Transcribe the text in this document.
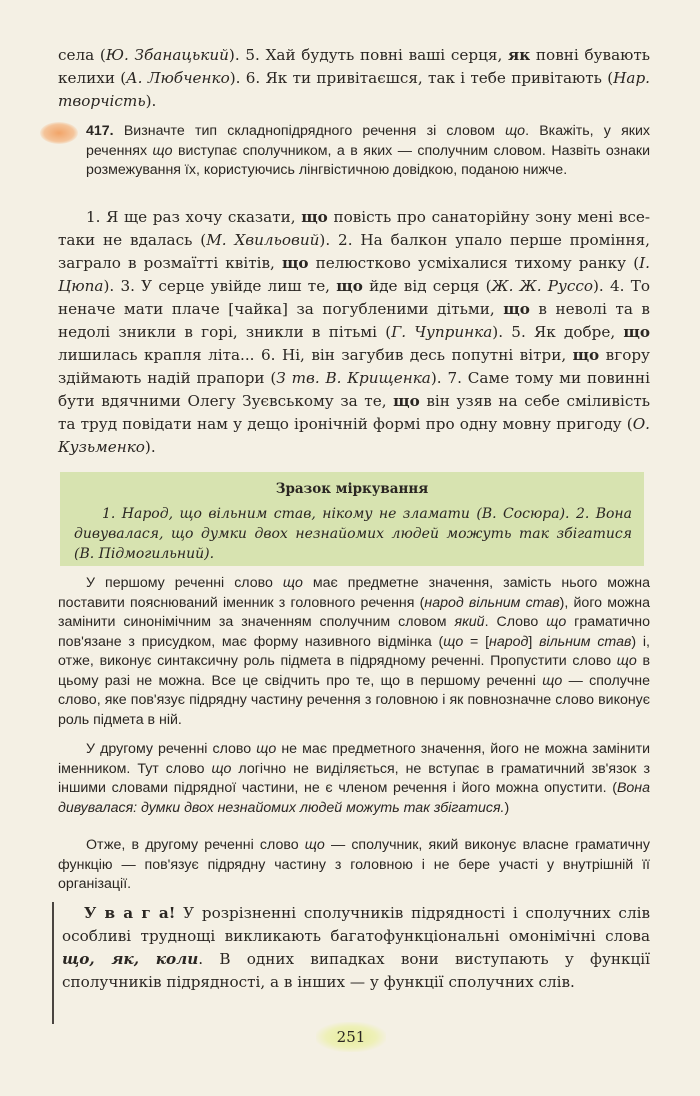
села (Ю. Збанацький). 5. Хай будуть повні ваші серця, як повні бувають келихи (А. Любченко). 6. Як ти привітаєшся, так і тебе привітають (Нар. творчість).

417. Визначте тип складнопідрядного речення зі словом що. Вкажіть, у яких реченнях що виступає сполучником, а в яких — сполучним словом. Назвіть ознаки розмежування їх, користуючись лінгвістичною довідкою, поданою нижче.

1. Я ще раз хочу сказати, що повість про санаторійну зону мені все-таки не вдалась (М. Хвильовий). 2. На балкон упало перше проміння, заграло в розмаїтті квітів, що пелюстково усміхалися тихому ранку (І. Цюпа). 3. У серце увійде лиш те, що йде від серця (Ж. Ж. Руссо). 4. То неначе мати плаче [чайка] за погубленими дітьми, що в неволі та в недолі зникли в горі, зникли в пітьмі (Г. Чупринка). 5. Як добре, що лишилась крапля літа... 6. Ні, він загубив десь попутні вітри, що вгору здіймають надій прапори (З тв. В. Крищенка). 7. Саме тому ми повинні бути вдячними Олегу Зуєвському за те, що він узяв на себе сміливість та труд повідати нам у дещо іронічній формі про одну мовну пригоду (О. Кузьменко).

Зразок міркування

1. Народ, що вільним став, нікому не зламати (В. Сосюра). 2. Вона дивувалася, що думки двох незнайомих людей можуть так збігатися (В. Підмогильний).

У першому реченні слово що має предметне значення, замість нього можна поставити пояснюваний іменник з головного речення (народ вільним став), його можна замінити синонімічним за значенням сполучним словом який. Слово що граматично пов'язане з присудком, має форму називного відмінка (що = [народ] вільним став) і, отже, виконує синтаксичну роль підмета в підрядному реченні. Пропустити слово що в цьому разі не можна. Все це свідчить про те, що в першому реченні що — сполучне слово, яке пов'язує підрядну частину речення з головною і як повнозначне слово виконує роль підмета в ній.

У другому реченні слово що не має предметного значення, його не можна замінити іменником. Тут слово що логічно не виділяється, не вступає в граматичний зв'язок з іншими словами підрядної частини, не є членом речення і його можна опустити. (Вона дивувалася: думки двох незнайомих людей можуть так збігатися.)

Отже, в другому реченні слово що — сполучник, який виконує власне граматичну функцію — пов'язує підрядну частину з головною і не бере участі у внутрішній її організації.

У в а г а! У розрізненні сполучників підрядності і сполучних слів особливі труднощі викликають багатофункціональні омонімічні слова що, як, коли. В одних випадках вони виступають у функції сполучників підрядності, а в інших — у функції сполучних слів.

251
